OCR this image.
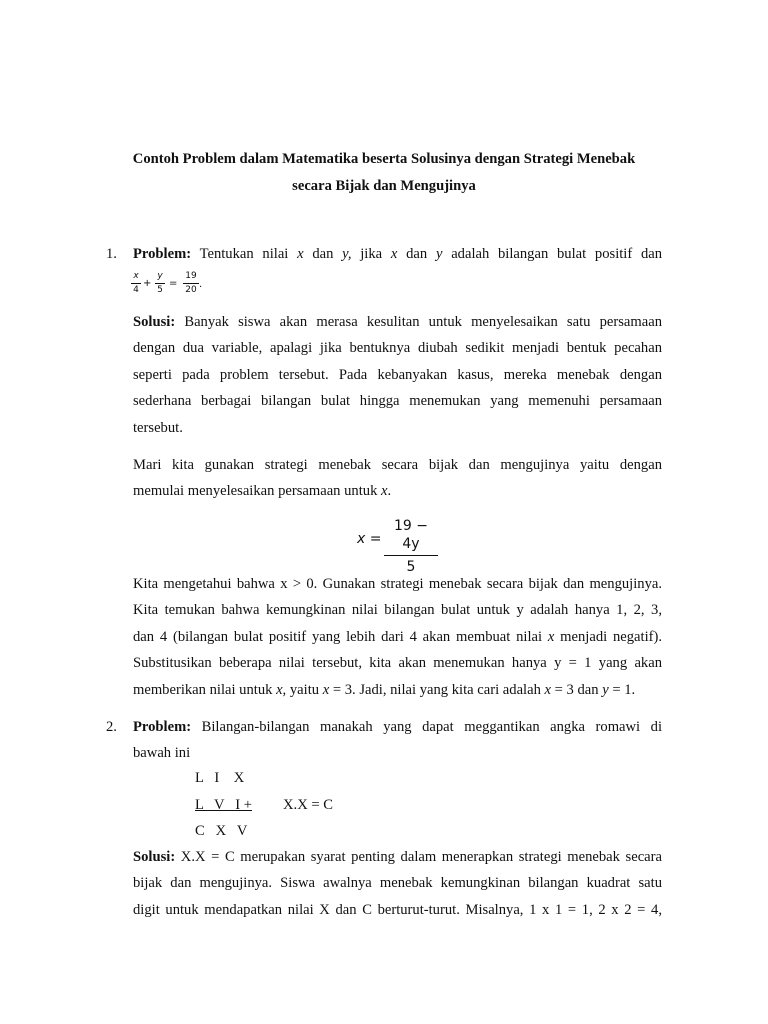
Contoh Problem dalam Matematika beserta Solusinya dengan Strategi Menebak
secara Bijak dan Mengujinya
1. Problem: Tentukan nilai x dan y, jika x dan y adalah bilangan bulat positif dan
x
4
+
y
5
=
19
20 .
Solusi: Banyak siswa akan merasa kesulitan untuk menyelesaikan satu persamaan
dengan dua variable, apalagi jika bentuknya diubah sedikit menjadi bentuk pecahan
seperti pada problem tersebut. Pada kebanyakan kasus, mereka menebak dengan
sederhana berbagai bilangan bulat hingga menemukan yang memenuhi persamaan
tersebut.
Mari kita gunakan strategi menebak secara bijak dan mengujinya yaitu dengan
memulai menyelesaikan persamaan untuk x.
x =
19 − 4y
5
Kita mengetahui bahwa x > 0. Gunakan strategi menebak secara bijak dan mengujinya.
Kita temukan bahwa kemungkinan nilai bilangan bulat untuk y adalah hanya 1, 2, 3,
dan 4 (bilangan bulat positif yang lebih dari 4 akan membuat nilai x menjadi negatif).
Substitusikan beberapa nilai tersebut, kita akan menemukan hanya y = 1 yang akan
memberikan nilai untuk x, yaitu x = 3. Jadi, nilai yang kita cari adalah x = 3 dan y = 1.
2. Problem: Bilangan-bilangan manakah yang dapat meggantikan angka romawi di
bawah ini
L   I    X
L   V   I + X.X = C
C   X   V
Solusi: X.X = C merupakan syarat penting dalam menerapkan strategi menebak secara
bijak dan mengujinya. Siswa awalnya menebak kemungkinan bilangan kuadrat satu
digit untuk mendapatkan nilai X dan C berturut-turut. Misalnya, 1 x 1 = 1, 2 x 2 = 4,
